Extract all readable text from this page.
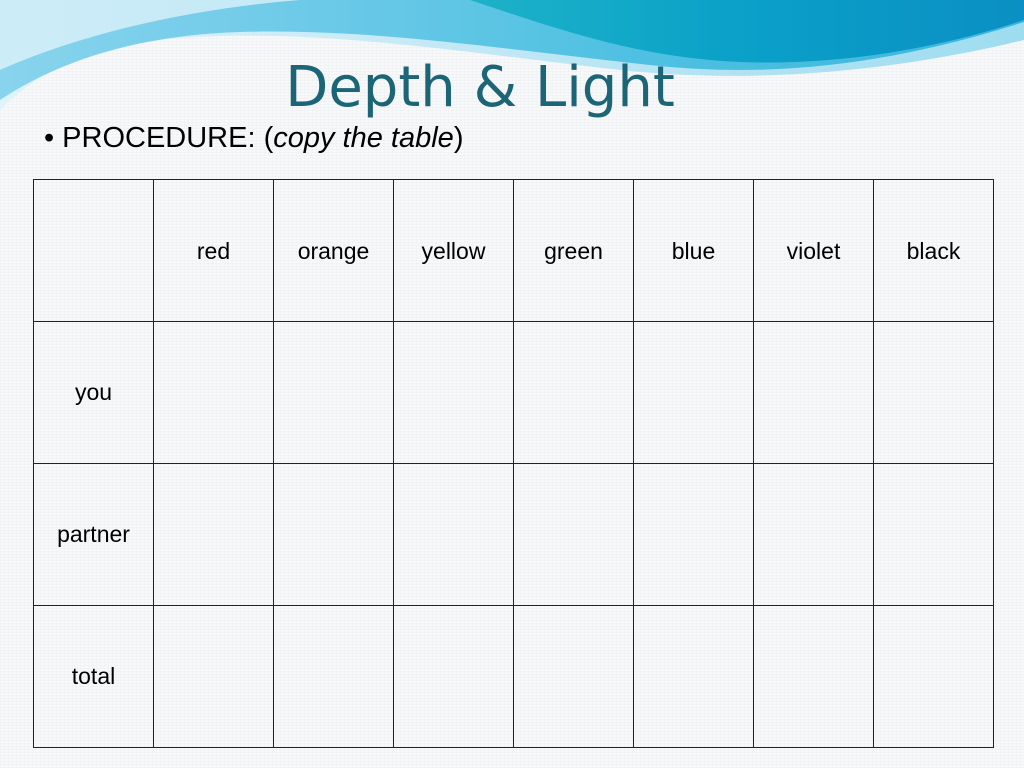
Depth & Light
• PROCEDURE: (copy the table)
	red	orange	yellow	green	blue	violet	black
you							
partner							
total							
